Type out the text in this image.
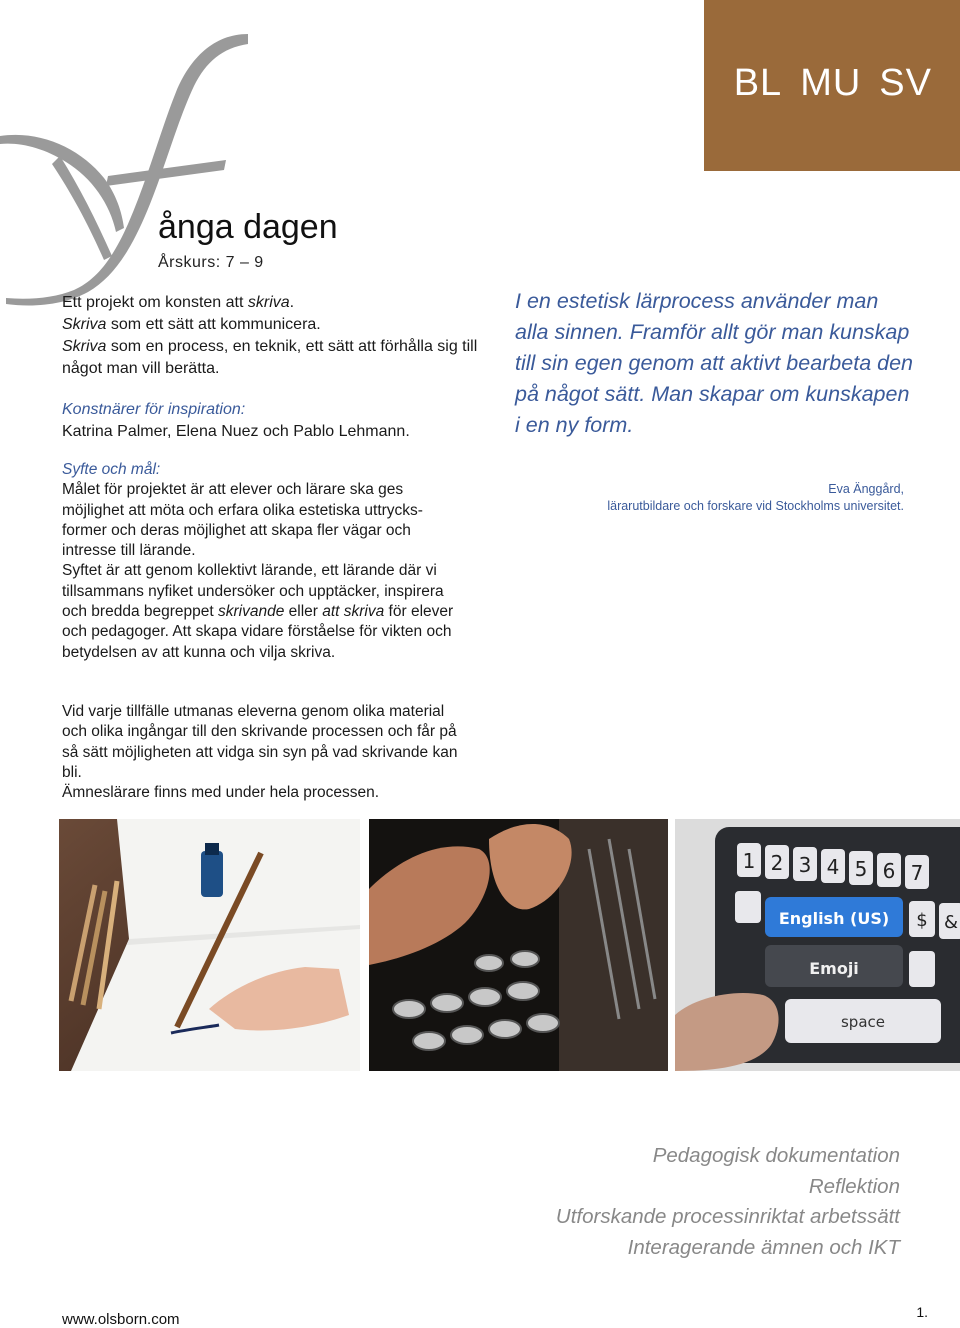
BL MU SV
ånga dagen
Årskurs: 7 – 9
Ett projekt om konsten att skriva.
Skriva som ett sätt att kommunicera.
Skriva som en process, en teknik, ett sätt att förhålla sig till något man vill berätta.
Konstnärer för inspiration:
Katrina Palmer, Elena Nuez och Pablo Lehmann.
Syfte och mål:
Målet för projektet är att elever och lärare ska ges möjlighet att möta och erfara olika estetiska uttrycksformer och deras möjlighet att skapa fler vägar och intresse till lärande.
Syftet är att genom kollektivt lärande, ett lärande där vi tillsammans nyfiket undersöker och upptäcker, inspirera och bredda begreppet skrivande eller att skriva för elever och pedagoger. Att skapa vidare förståelse för vikten och betydelsen av att kunna och vilja skriva.
Vid varje tillfälle utmanas eleverna genom olika material och olika ingångar till den skrivande processen och får på så sätt möjligheten att vidga sin syn på vad skrivande kan bli.
Ämneslärare finns med under hela processen.
I en estetisk lärprocess använder man alla sinnen. Framför allt gör man kunskap till sin egen genom att aktivt bearbeta den på något sätt. Man skapar om kunskapen i en ny form.
Eva Änggård,
lärarutbildare och forskare vid Stockholms universitet.
1 2 3 4 5 6 7
English (US) $ &
Emoji
space
Pedagogisk dokumentation
Reflektion
Utforskande processinriktat arbetssätt
Interagerande ämnen och IKT
www.olsborn.com	1.
